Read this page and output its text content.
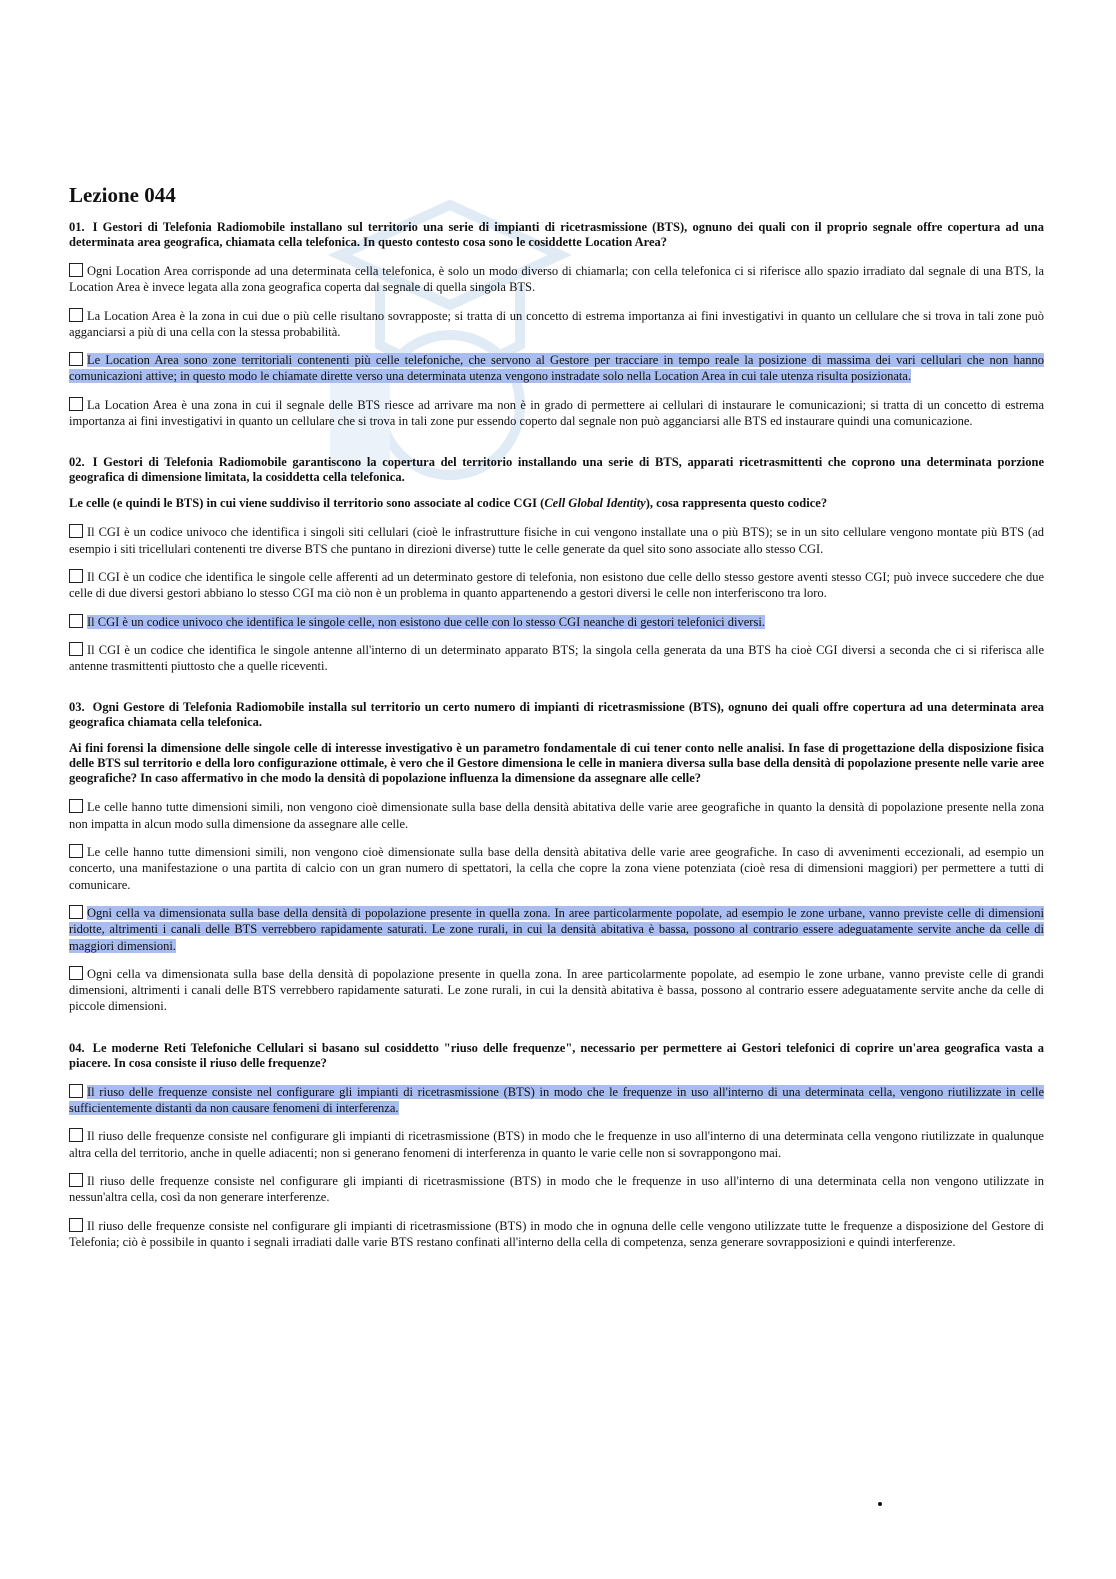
Lezione 044

01. I Gestori di Telefonia Radiomobile installano sul territorio una serie di impianti di ricetrasmissione (BTS), ognuno dei quali con il proprio segnale offre copertura ad una determinata area geografica, chiamata cella telefonica. In questo contesto cosa sono le cosiddette Location Area?

Ogni Location Area corrisponde ad una determinata cella telefonica, è solo un modo diverso di chiamarla; con cella telefonica ci si riferisce allo spazio irradiato dal segnale di una BTS, la Location Area è invece legata alla zona geografica coperta dal segnale di quella singola BTS.

La Location Area è la zona in cui due o più celle risultano sovrapposte; si tratta di un concetto di estrema importanza ai fini investigativi in quanto un cellulare che si trova in tali zone può agganciarsi a più di una cella con la stessa probabilità.

Le Location Area sono zone territoriali contenenti più celle telefoniche, che servono al Gestore per tracciare in tempo reale la posizione di massima dei vari cellulari che non hanno comunicazioni attive; in questo modo le chiamate dirette verso una determinata utenza vengono instradate solo nella Location Area in cui tale utenza risulta posizionata.

La Location Area è una zona in cui il segnale delle BTS riesce ad arrivare ma non è in grado di permettere ai cellulari di instaurare le comunicazioni; si tratta di un concetto di estrema importanza ai fini investigativi in quanto un cellulare che si trova in tali zone pur essendo coperto dal segnale non può agganciarsi alle BTS ed instaurare quindi una comunicazione.

02. I Gestori di Telefonia Radiomobile garantiscono la copertura del territorio installando una serie di BTS, apparati ricetrasmittenti che coprono una determinata porzione geografica di dimensione limitata, la cosiddetta cella telefonica.

Le celle (e quindi le BTS) in cui viene suddiviso il territorio sono associate al codice CGI (Cell Global Identity), cosa rappresenta questo codice?

Il CGI è un codice univoco che identifica i singoli siti cellulari (cioè le infrastrutture fisiche in cui vengono installate una o più BTS); se in un sito cellulare vengono montate più BTS (ad esempio i siti tricellulari contenenti tre diverse BTS che puntano in direzioni diverse) tutte le celle generate da quel sito sono associate allo stesso CGI.

Il CGI è un codice che identifica le singole celle afferenti ad un determinato gestore di telefonia, non esistono due celle dello stesso gestore aventi stesso CGI; può invece succedere che due celle di due diversi gestori abbiano lo stesso CGI ma ciò non è un problema in quanto appartenendo a gestori diversi le celle non interferiscono tra loro.

Il CGI è un codice univoco che identifica le singole celle, non esistono due celle con lo stesso CGI neanche di gestori telefonici diversi.

Il CGI è un codice che identifica le singole antenne all'interno di un determinato apparato BTS; la singola cella generata da una BTS ha cioè CGI diversi a seconda che ci si riferisca alle antenne trasmittenti piuttosto che a quelle riceventi.

03. Ogni Gestore di Telefonia Radiomobile installa sul territorio un certo numero di impianti di ricetrasmissione (BTS), ognuno dei quali offre copertura ad una determinata area geografica chiamata cella telefonica.

Ai fini forensi la dimensione delle singole celle di interesse investigativo è un parametro fondamentale di cui tener conto nelle analisi. In fase di progettazione della disposizione fisica delle BTS sul territorio e della loro configurazione ottimale, è vero che il Gestore dimensiona le celle in maniera diversa sulla base della densità di popolazione presente nelle varie aree geografiche? In caso affermativo in che modo la densità di popolazione influenza la dimensione da assegnare alle celle?

Le celle hanno tutte dimensioni simili, non vengono cioè dimensionate sulla base della densità abitativa delle varie aree geografiche in quanto la densità di popolazione presente nella zona non impatta in alcun modo sulla dimensione da assegnare alle celle.

Le celle hanno tutte dimensioni simili, non vengono cioè dimensionate sulla base della densità abitativa delle varie aree geografiche. In caso di avvenimenti eccezionali, ad esempio un concerto, una manifestazione o una partita di calcio con un gran numero di spettatori, la cella che copre la zona viene potenziata (cioè resa di dimensioni maggiori) per permettere a tutti di comunicare.

Ogni cella va dimensionata sulla base della densità di popolazione presente in quella zona. In aree particolarmente popolate, ad esempio le zone urbane, vanno previste celle di dimensioni ridotte, altrimenti i canali delle BTS verrebbero rapidamente saturati. Le zone rurali, in cui la densità abitativa è bassa, possono al contrario essere adeguatamente servite anche da celle di maggiori dimensioni.

Ogni cella va dimensionata sulla base della densità di popolazione presente in quella zona. In aree particolarmente popolate, ad esempio le zone urbane, vanno previste celle di grandi dimensioni, altrimenti i canali delle BTS verrebbero rapidamente saturati. Le zone rurali, in cui la densità abitativa è bassa, possono al contrario essere adeguatamente servite anche da celle di piccole dimensioni.

04. Le moderne Reti Telefoniche Cellulari si basano sul cosiddetto "riuso delle frequenze", necessario per permettere ai Gestori telefonici di coprire un'area geografica vasta a piacere. In cosa consiste il riuso delle frequenze?

Il riuso delle frequenze consiste nel configurare gli impianti di ricetrasmissione (BTS) in modo che le frequenze in uso all'interno di una determinata cella, vengono riutilizzate in celle sufficientemente distanti da non causare fenomeni di interferenza.

Il riuso delle frequenze consiste nel configurare gli impianti di ricetrasmissione (BTS) in modo che le frequenze in uso all'interno di una determinata cella vengono riutilizzate in qualunque altra cella del territorio, anche in quelle adiacenti; non si generano fenomeni di interferenza in quanto le varie celle non si sovrappongono mai.

Il riuso delle frequenze consiste nel configurare gli impianti di ricetrasmissione (BTS) in modo che le frequenze in uso all'interno di una determinata cella non vengono utilizzate in nessun'altra cella, così da non generare interferenze.

Il riuso delle frequenze consiste nel configurare gli impianti di ricetrasmissione (BTS) in modo che in ognuna delle celle vengono utilizzate tutte le frequenze a disposizione del Gestore di Telefonia; ciò è possibile in quanto i segnali irradiati dalle varie BTS restano confinati all'interno della cella di competenza, senza generare sovrapposizioni e quindi interferenze.
